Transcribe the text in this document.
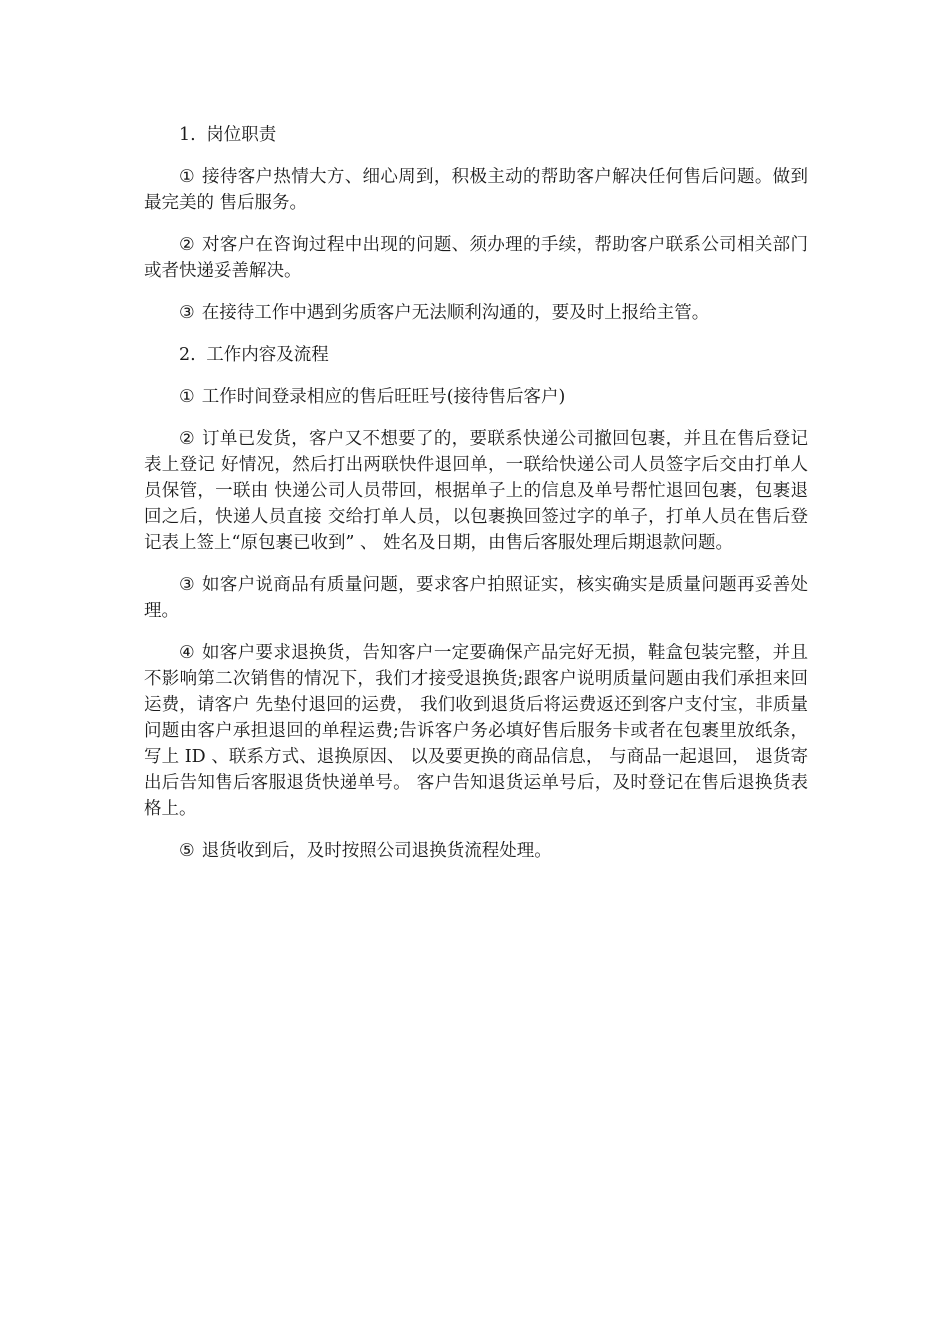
1. 岗位职责

① 接待客户热情大方、细心周到，积极主动的帮助客户解决任何售后问题。做到最完美的 售后服务。

② 对客户在咨询过程中出现的问题、须办理的手续，帮助客户联系公司相关部门或者快递妥善解决。

③ 在接待工作中遇到劣质客户无法顺利沟通的，要及时上报给主管。

2. 工作内容及流程

① 工作时间登录相应的售后旺旺号(接待售后客户)

② 订单已发货，客户又不想要了的，要联系快递公司撤回包裹，并且在售后登记表上登记 好情况，然后打出两联快件退回单，一联给快递公司人员签字后交由打单人员保管，一联由 快递公司人员带回，根据单子上的信息及单号帮忙退回包裹，包裹退回之后，快递人员直接 交给打单人员，以包裹换回签过字的单子，打单人员在售后登记表上签上“原包裹已收到” 、 姓名及日期，由售后客服处理后期退款问题。

③ 如客户说商品有质量问题，要求客户拍照证实，核实确实是质量问题再妥善处理。

④ 如客户要求退换货，告知客户一定要确保产品完好无损，鞋盒包装完整，并且不影响第二次销售的情况下，我们才接受退换货;跟客户说明质量问题由我们承担来回运费，请客户 先垫付退回的运费， 我们收到退货后将运费返还到客户支付宝，非质量问题由客户承担退回的单程运费;告诉客户务必填好售后服务卡或者在包裹里放纸条，写上 ID 、联系方式、退换原因、 以及要更换的商品信息， 与商品一起退回， 退货寄出后告知售后客服退货快递单号。 客户告知退货运单号后，及时登记在售后退换货表格上。

⑤ 退货收到后，及时按照公司退换货流程处理。
